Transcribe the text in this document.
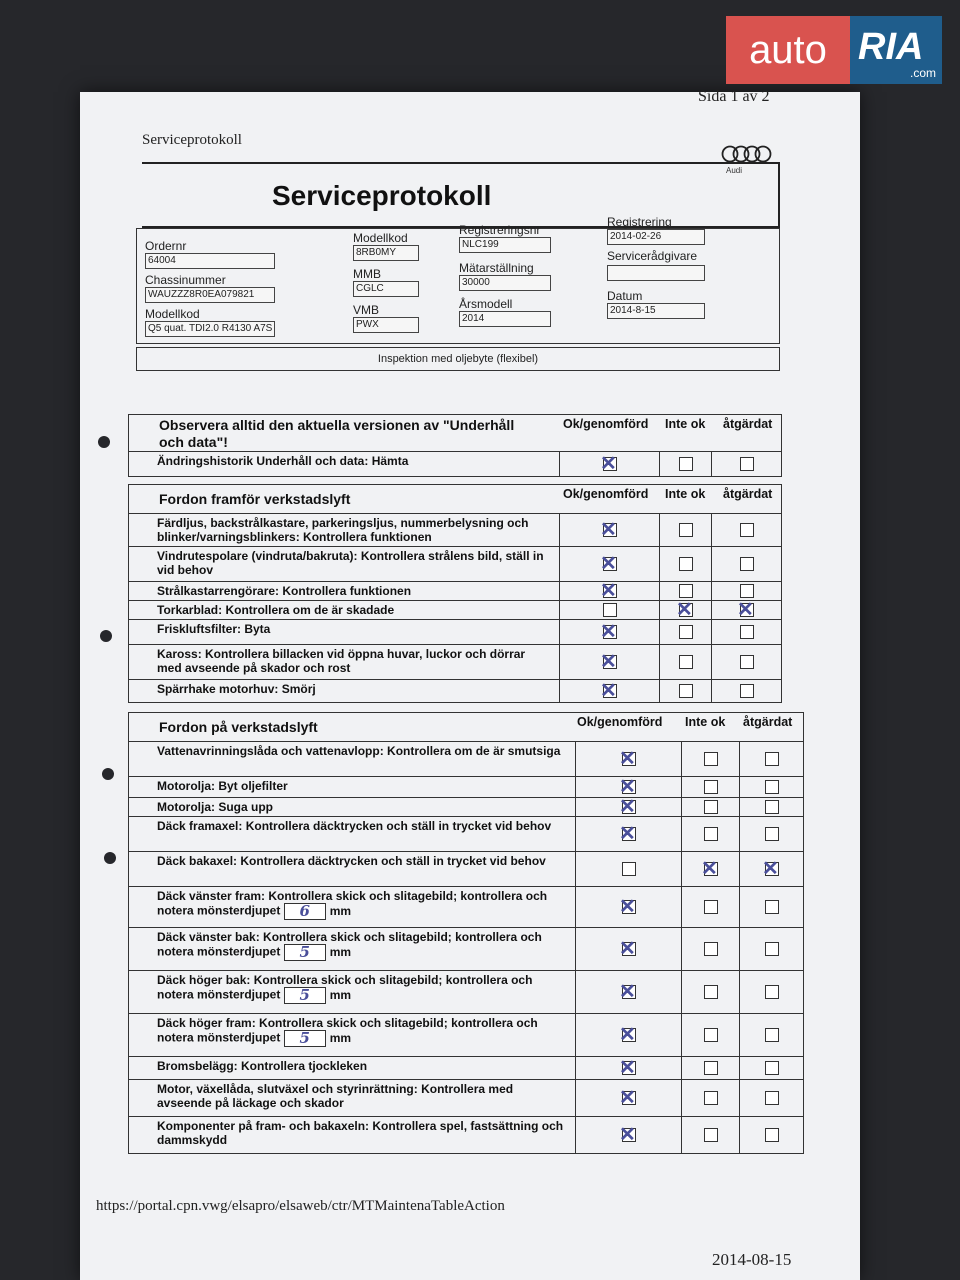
Sida 1 av 2
Serviceprotokoll
Audi
Serviceprotokoll
Ordernr
64004
Chassinummer
WAUZZZ8R0EA079821
Modellkod
Q5 quat. TDI2.0 R4130 A7S
Modellkod
8RB0MY
MMB
CGLC
VMB
PWX
Registreringsnr
NLC199
Mätarställning
30000
Årsmodell
2014
Registrering
2014-02-26
Servicerådgivare
Datum
2014-8-15
Inspektion med oljebyte (flexibel)
Observera alltid den aktuella versionen av "Underhåll och data"!
Ok/genomförd Inte ok åtgärdat
Ändringshistorik Underhåll och data: Hämta
✕
Fordon framför verkstadslyft	Ok/genomförd Inte ok åtgärdat
Färdljus, backstrålkastare, parkeringsljus, nummerbelysning och blinker/varningsblinkers: Kontrollera funktionen
✕
Vindrutespolare (vindruta/bakruta): Kontrollera strålens bild, ställ in vid behov
✕
Strålkastarrengörare: Kontrollera funktionen
✕
Torkarblad: Kontrollera om de är skadade
✕
✕
Friskluftsfilter: Byta
✕
Kaross: Kontrollera billacken vid öppna huvar, luckor och dörrar med avseende på skador och rost
✕
Spärrhake motorhuv: Smörj
✕
Fordon på verkstadslyft	Ok/genomförd Inte ok åtgärdat
Vattenavrinningslåda och vattenavlopp: Kontrollera om de är smutsiga
✕
Motorolja: Byt oljefilter
✕
Motorolja: Suga upp
✕
Däck framaxel: Kontrollera däcktrycken och ställ in trycket vid behov
✕
Däck bakaxel: Kontrollera däcktrycken och ställ in trycket vid behov
✕
✕
Däck vänster fram: Kontrollera skick och slitagebild; kontrollera och notera mönsterdjupet 6 mm
✕
Däck vänster bak: Kontrollera skick och slitagebild; kontrollera och notera mönsterdjupet 5 mm
✕
Däck höger bak: Kontrollera skick och slitagebild; kontrollera och notera mönsterdjupet 5 mm
✕
Däck höger fram: Kontrollera skick och slitagebild; kontrollera och notera mönsterdjupet 5 mm
✕
Bromsbelägg: Kontrollera tjockleken
✕
Motor, växellåda, slutväxel och styrinrättning: Kontrollera med avseende på läckage och skador
✕
Komponenter på fram- och bakaxeln: Kontrollera spel, fastsättning och dammskydd
✕
https://portal.cpn.vwg/elsapro/elsaweb/ctr/MTMaintenaTableAction
2014-08-15
auto RIA
.com
